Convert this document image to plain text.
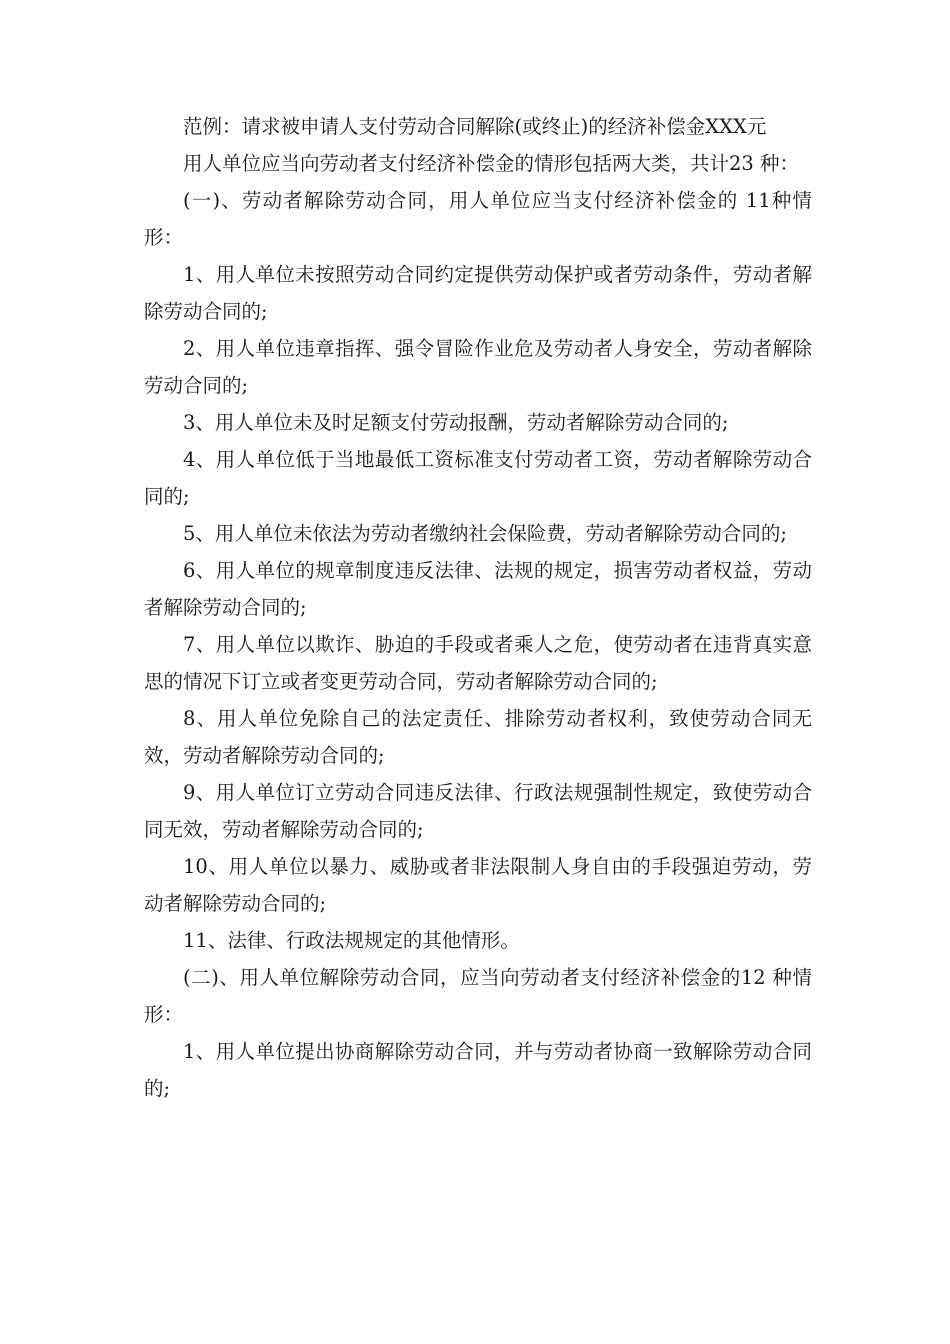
范例：请求被申请人支付劳动合同解除(或终止)的经济补偿金XXX元

用人单位应当向劳动者支付经济补偿金的情形包括两大类，共计23 种：

(一)、劳动者解除劳动合同，用人单位应当支付经济补偿金的 11种情形：

1、用人单位未按照劳动合同约定提供劳动保护或者劳动条件，劳动者解除劳动合同的;

2、用人单位违章指挥、强令冒险作业危及劳动者人身安全，劳动者解除劳动合同的;

3、用人单位未及时足额支付劳动报酬，劳动者解除劳动合同的;

4、用人单位低于当地最低工资标准支付劳动者工资，劳动者解除劳动合同的;

5、用人单位未依法为劳动者缴纳社会保险费，劳动者解除劳动合同的;

6、用人单位的规章制度违反法律、法规的规定，损害劳动者权益，劳动者解除劳动合同的;

7、用人单位以欺诈、胁迫的手段或者乘人之危，使劳动者在违背真实意思的情况下订立或者变更劳动合同，劳动者解除劳动合同的;

8、用人单位免除自己的法定责任、排除劳动者权利，致使劳动合同无效，劳动者解除劳动合同的;

9、用人单位订立劳动合同违反法律、行政法规强制性规定，致使劳动合同无效，劳动者解除劳动合同的;

10、用人单位以暴力、威胁或者非法限制人身自由的手段强迫劳动，劳动者解除劳动合同的;

11、法律、行政法规规定的其他情形。

(二)、用人单位解除劳动合同，应当向劳动者支付经济补偿金的12 种情形：

1、用人单位提出协商解除劳动合同，并与劳动者协商一致解除劳动合同的;
